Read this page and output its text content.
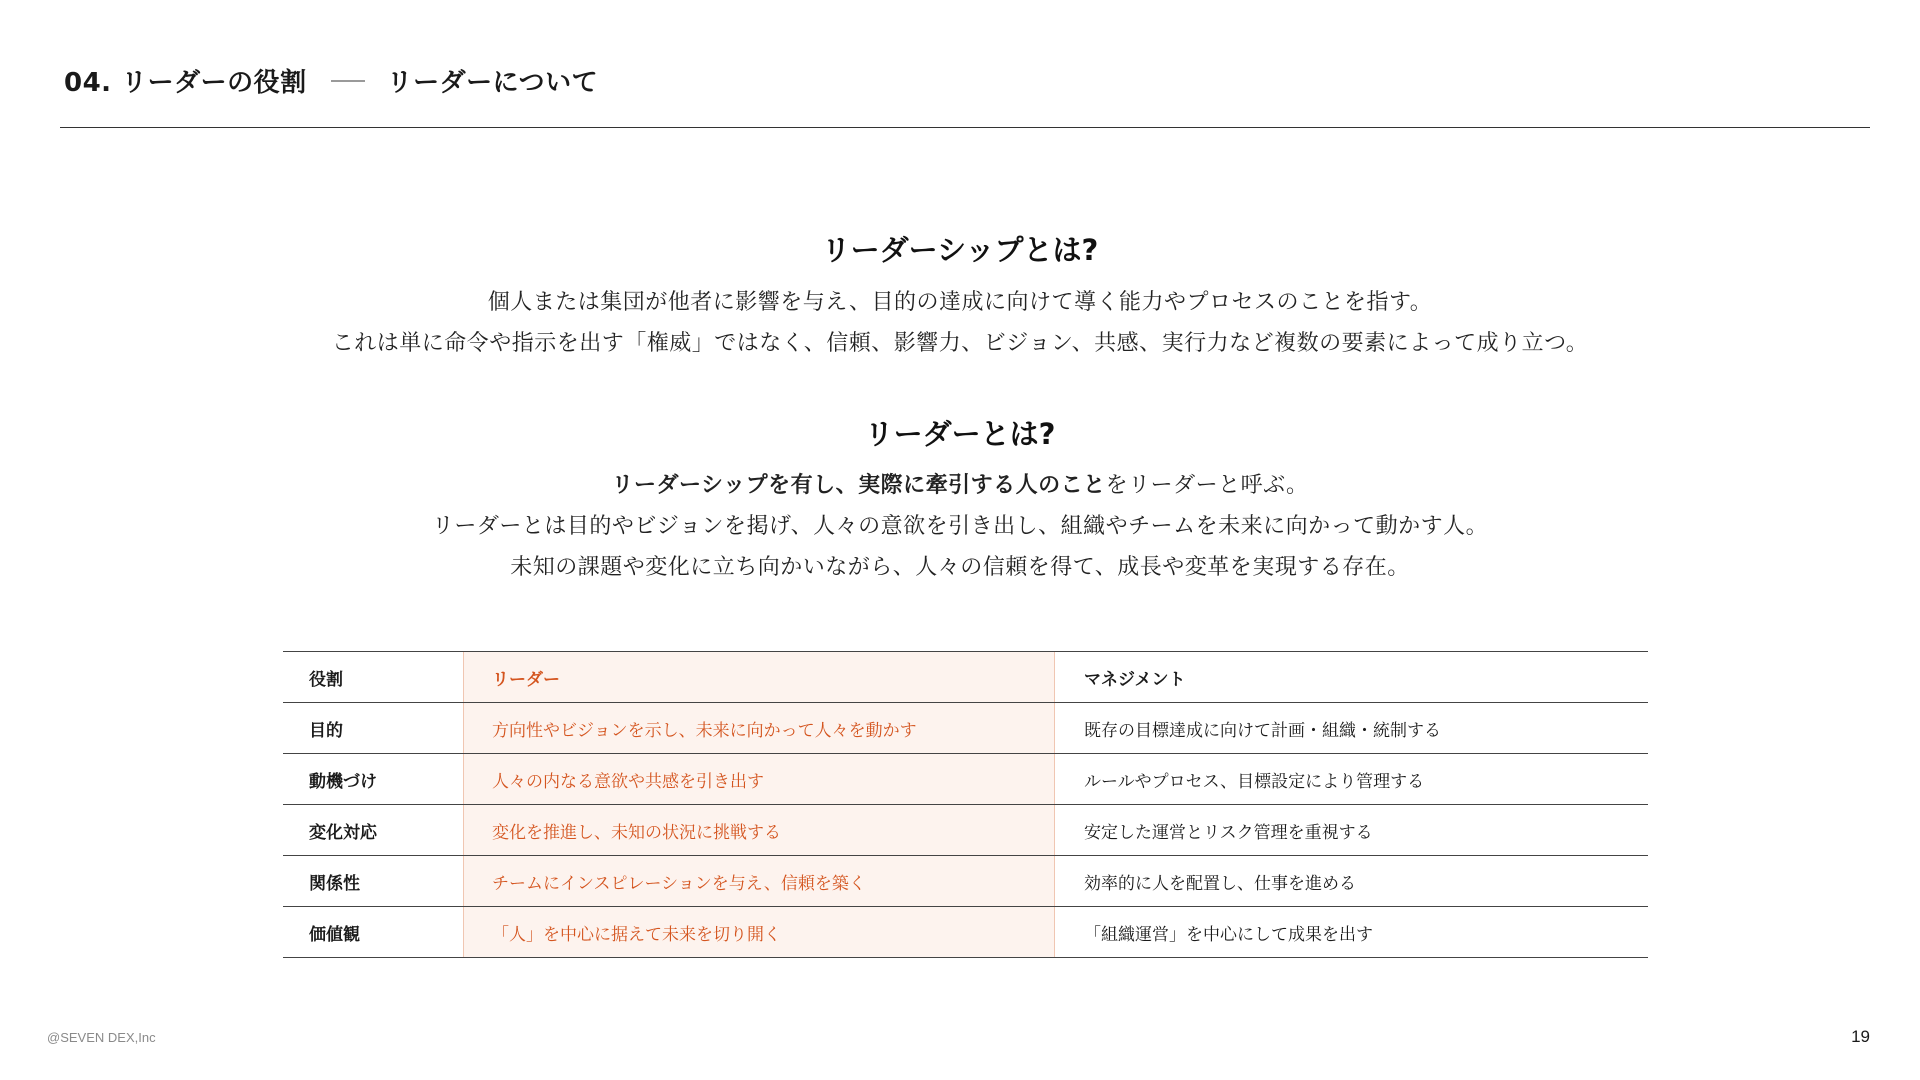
04. リーダーの役割	リーダーについて
リーダーシップとは?
個人または集団が他者に影響を与え、目的の達成に向けて導く能力やプロセスのことを指す。
これは単に命令や指示を出す「権威」ではなく、信頼、影響力、ビジョン、共感、実行力など複数の要素によって成り立つ。
リーダーとは?
リーダーシップを有し、実際に牽引する人のことをリーダーと呼ぶ。
リーダーとは目的やビジョンを掲げ、人々の意欲を引き出し、組織やチームを未来に向かって動かす人。
未知の課題や変化に立ち向かいながら、人々の信頼を得て、成長や変革を実現する存在。
役割	リーダー	マネジメント
目的	方向性やビジョンを示し、未来に向かって人々を動かす	既存の目標達成に向けて計画・組織・統制する
動機づけ	人々の内なる意欲や共感を引き出す	ルールやプロセス、目標設定により管理する
変化対応	変化を推進し、未知の状況に挑戦する	安定した運営とリスク管理を重視する
関係性	チームにインスピレーションを与え、信頼を築く	効率的に人を配置し、仕事を進める
価値観	「人」を中心に据えて未来を切り開く	「組織運営」を中心にして成果を出す
@SEVEN DEX,Inc	19
